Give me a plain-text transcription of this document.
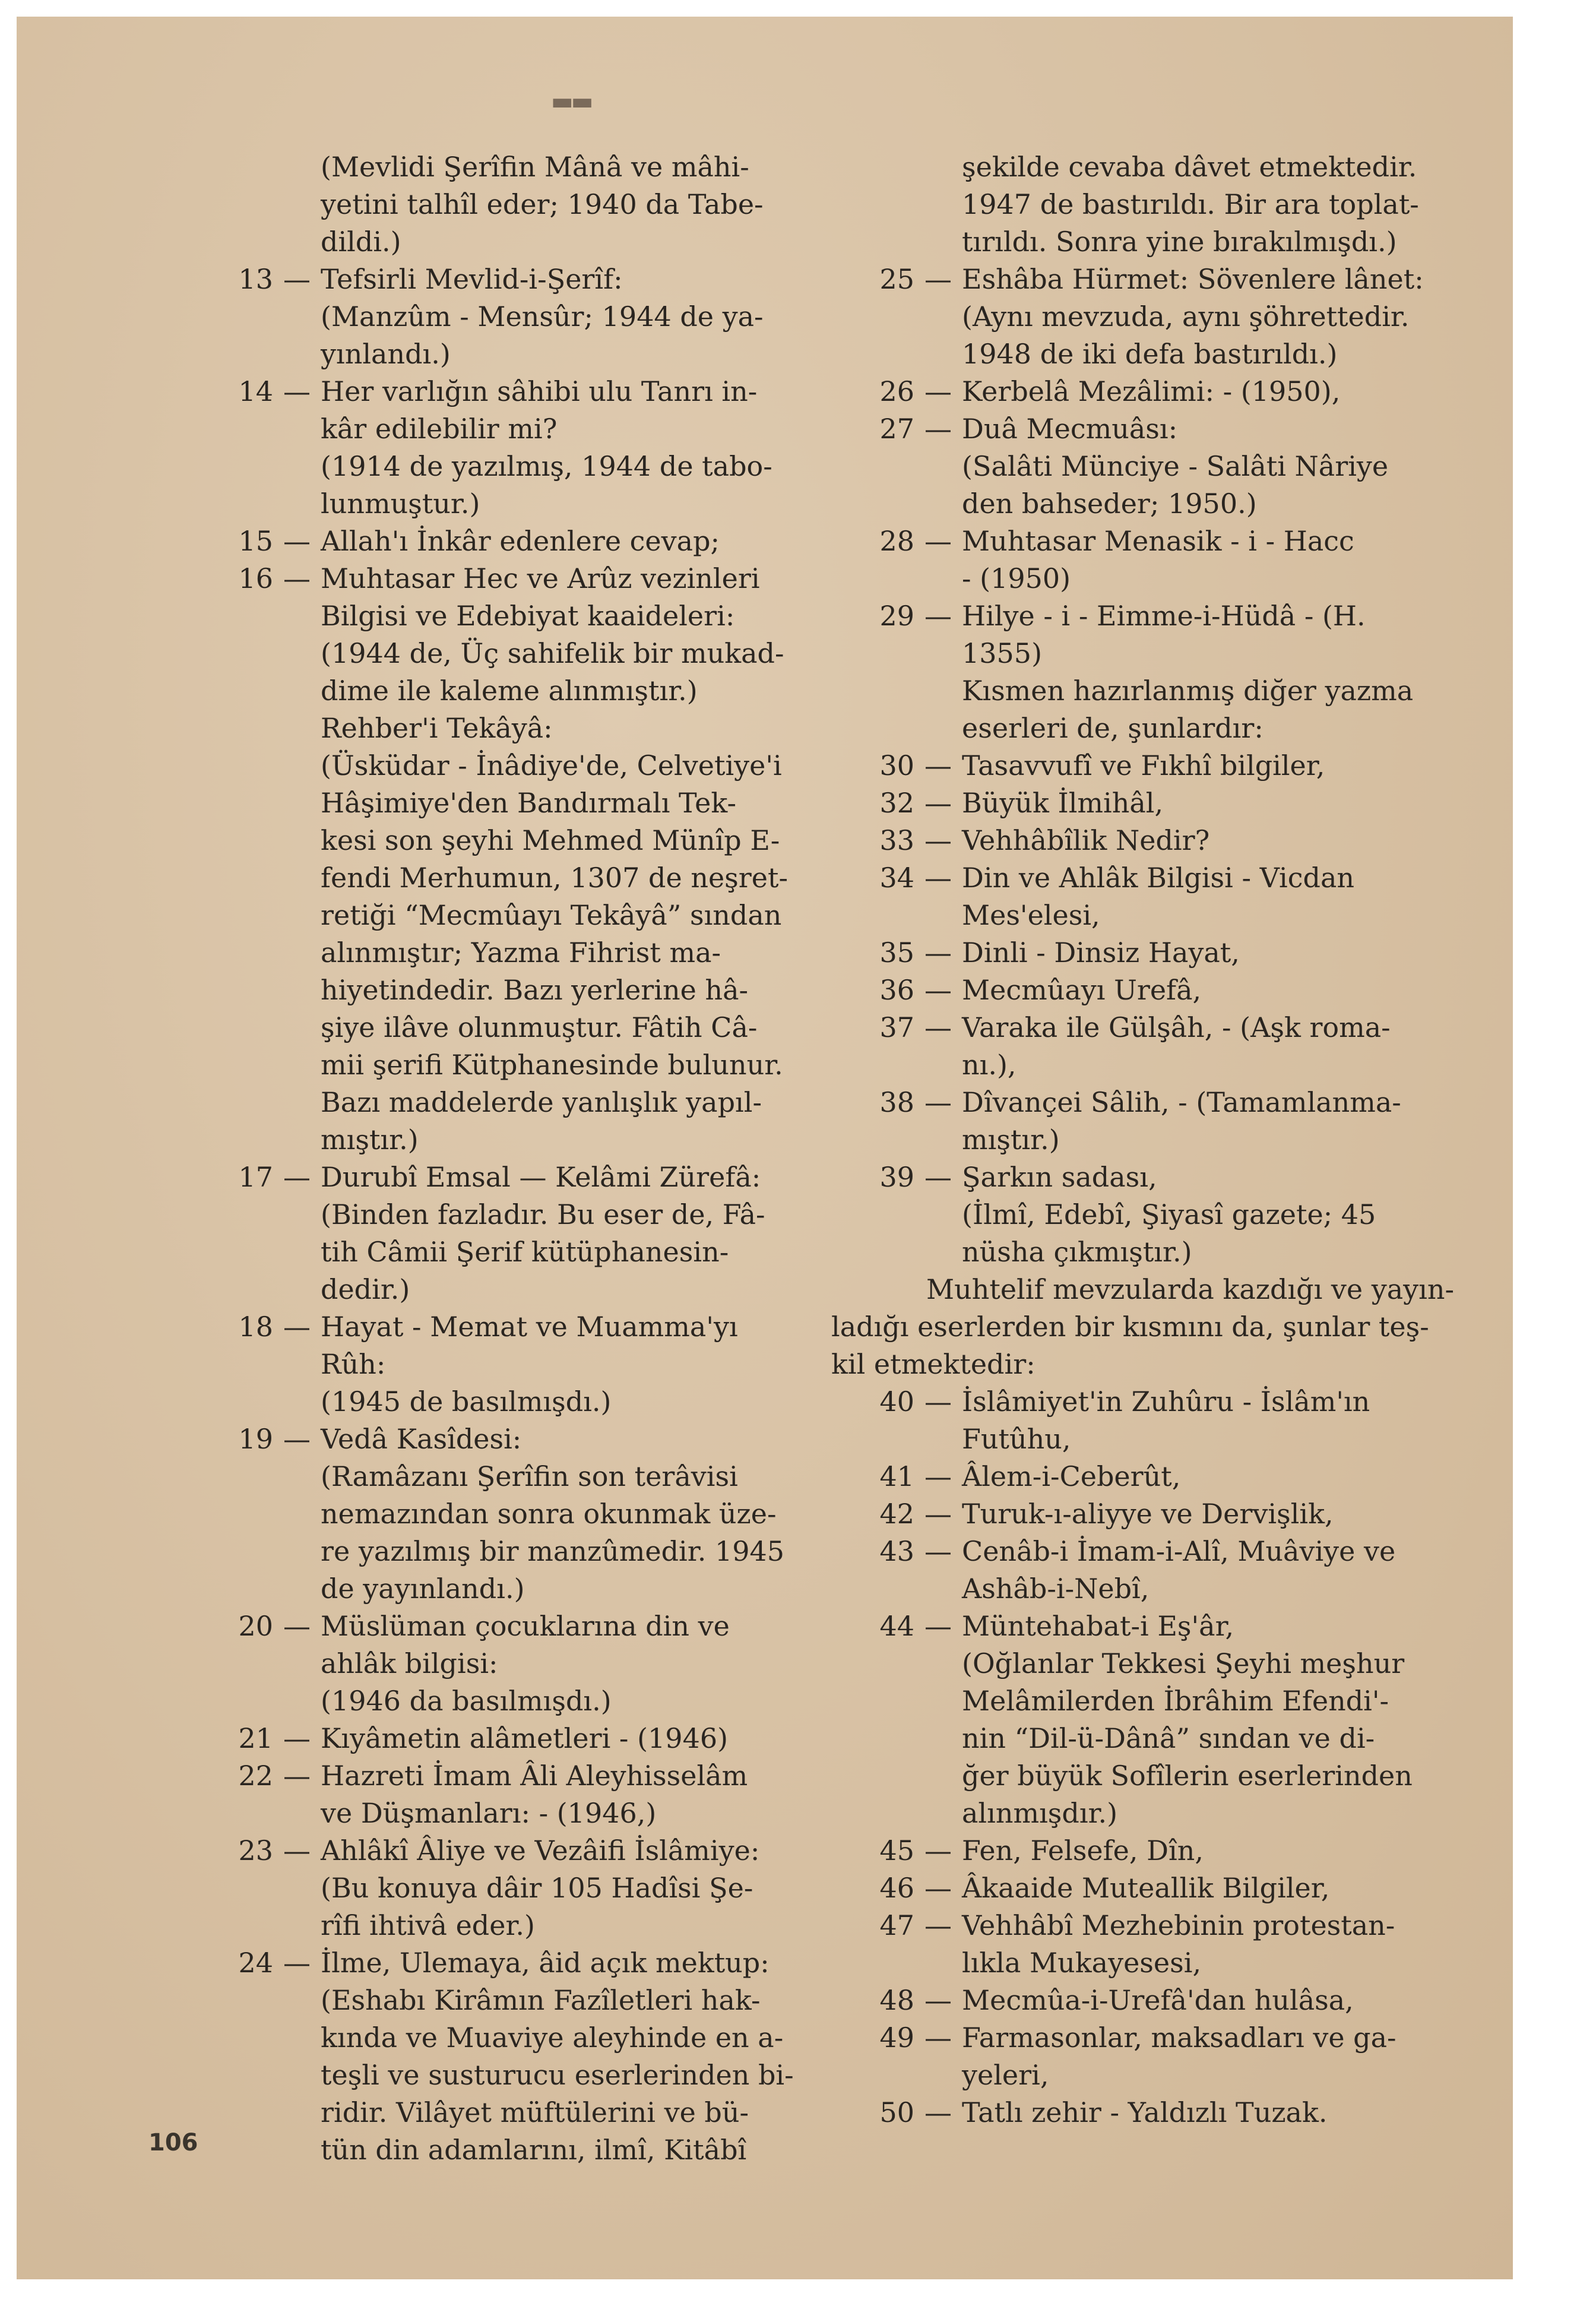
▬▬
(Mevlidi Şerîfin Mânâ ve mâhi-
yetini talhîl eder; 1940 da Tabe-
dildi.)
13 — Tefsirli Mevlid-i-Şerîf:
(Manzûm - Mensûr; 1944 de ya-
yınlandı.)
14 — Her varlığın sâhibi ulu Tanrı in-
kâr edilebilir mi?
(1914 de yazılmış, 1944 de tabo-
lunmuştur.)
15 — Allah'ı İnkâr edenlere cevap;
16 — Muhtasar Hec ve Arûz vezinleri
Bilgisi ve Edebiyat kaaideleri:
(1944 de, Üç sahifelik bir mukad-
dime ile kaleme alınmıştır.)
Rehber'i Tekâyâ:
(Üsküdar - İnâdiye'de, Celvetiye'i
Hâşimiye'den Bandırmalı Tek-
kesi son şeyhi Mehmed Münîp E-
fendi Merhumun, 1307 de neşret-
retiği “Mecmûayı Tekâyâ” sından
alınmıştır; Yazma Fihrist ma-
hiyetindedir. Bazı yerlerine hâ-
şiye ilâve olunmuştur. Fâtih Câ-
mii şerifi Kütphanesinde bulunur.
Bazı maddelerde yanlışlık yapıl-
mıştır.)
17 — Durubî Emsal — Kelâmi Zürefâ:
(Binden fazladır. Bu eser de, Fâ-
tih Câmii Şerif kütüphanesin-
dedir.)
18 — Hayat - Memat ve Muamma'yı
Rûh:
(1945 de basılmışdı.)
19 — Vedâ Kasîdesi:
(Ramâzanı Şerîfin son terâvisi
nemazından sonra okunmak üze-
re yazılmış bir manzûmedir. 1945
de yayınlandı.)
20 — Müslüman çocuklarına din ve
ahlâk bilgisi:
(1946 da basılmışdı.)
21 — Kıyâmetin alâmetleri - (1946)
22 — Hazreti İmam Âli Aleyhisselâm
ve Düşmanları: - (1946,)
23 — Ahlâkî Âliye ve Vezâifi İslâmiye:
(Bu konuya dâir 105 Hadîsi Şe-
rîfi ihtivâ eder.)
24 — İlme, Ulemaya, âid açık mektup:
(Eshabı Kirâmın Fazîletleri hak-
kında ve Muaviye aleyhinde en a-
teşli ve susturucu eserlerinden bi-
ridir. Vilâyet müftülerini ve bü-
tün din adamlarını, ilmî, Kitâbî
şekilde cevaba dâvet etmektedir.
1947 de bastırıldı. Bir ara toplat-
tırıldı. Sonra yine bırakılmışdı.)
25 — Eshâba Hürmet: Sövenlere lânet:
(Aynı mevzuda, aynı şöhrettedir.
1948 de iki defa bastırıldı.)
26 — Kerbelâ Mezâlimi: - (1950),
27 — Duâ Mecmuâsı:
(Salâti Münciye - Salâti Nâriye
den bahseder; 1950.)
28 — Muhtasar Menasik - i - Hacc
- (1950)
29 — Hilye - i - Eimme-i-Hüdâ - (H.
1355)
Kısmen hazırlanmış diğer yazma
eserleri de, şunlardır:
30 — Tasavvufî ve Fıkhî bilgiler,
32 — Büyük İlmihâl,
33 — Vehhâbîlik Nedir?
34 — Din ve Ahlâk Bilgisi - Vicdan
Mes'elesi,
35 — Dinli - Dinsiz Hayat,
36 — Mecmûayı Urefâ,
37 — Varaka ile Gülşâh, - (Aşk roma-
nı.),
38 — Dîvançei Sâlih, - (Tamamlanma-
mıştır.)
39 — Şarkın sadası,
(İlmî, Edebî, Şiyasî gazete; 45
nüsha çıkmıştır.)
Muhtelif mevzularda kazdığı ve yayın-
ladığı eserlerden bir kısmını da, şunlar teş-
kil etmektedir:
40 — İslâmiyet'in Zuhûru - İslâm'ın
Futûhu,
41 — Âlem-i-Ceberût,
42 — Turuk-ı-aliyye ve Dervişlik,
43 — Cenâb-i İmam-i-Alî, Muâviye ve
Ashâb-i-Nebî,
44 — Müntehabat-i Eş'âr,
(Oğlanlar Tekkesi Şeyhi meşhur
Melâmilerden İbrâhim Efendi'-
nin “Dil-ü-Dânâ” sından ve di-
ğer büyük Sofîlerin eserlerinden
alınmışdır.)
45 — Fen, Felsefe, Dîn,
46 — Âkaaide Muteallik Bilgiler,
47 — Vehhâbî Mezhebinin protestan-
lıkla Mukayesesi,
48 — Mecmûa-i-Urefâ'dan hulâsa,
49 — Farmasonlar, maksadları ve ga-
yeleri,
50 — Tatlı zehir - Yaldızlı Tuzak.
106
